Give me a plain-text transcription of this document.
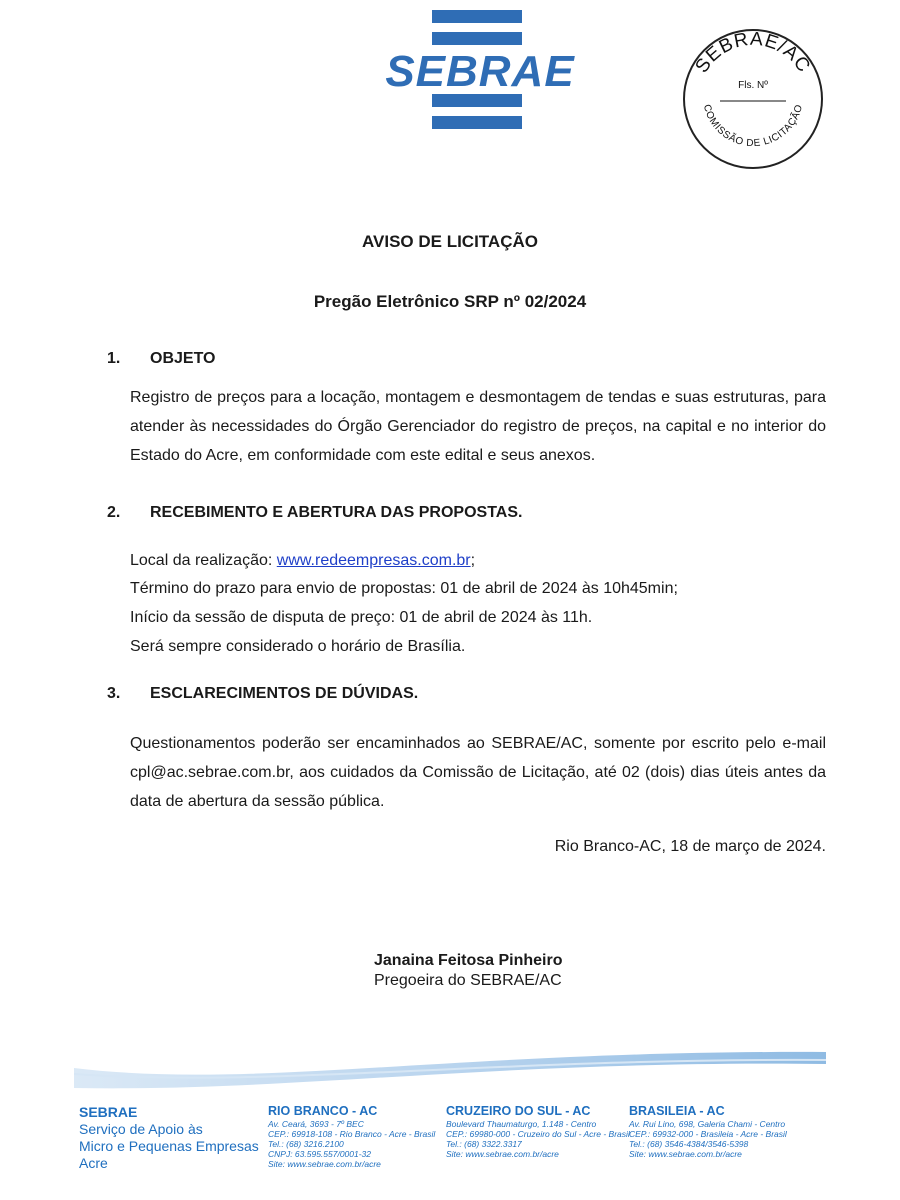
SEBRAE	SEBRAE/AC
Fls. Nº
COMISSÃO DE LICITAÇÃO
AVISO DE LICITAÇÃO
Pregão Eletrônico SRP nº 02/2024
1. OBJETO
Registro de preços para a locação, montagem e desmontagem de tendas e suas estruturas, para atender às necessidades do Órgão Gerenciador do registro de preços, na capital e no interior do Estado do Acre, em conformidade com este edital e seus anexos.
2. RECEBIMENTO E ABERTURA DAS PROPOSTAS.
Local da realização: www.redeempresas.com.br;
Término do prazo para envio de propostas: 01 de abril de 2024 às 10h45min;
Início da sessão de disputa de preço: 01 de abril de 2024 às 11h.
Será sempre considerado o horário de Brasília.
3. ESCLARECIMENTOS DE DÚVIDAS.
Questionamentos poderão ser encaminhados ao SEBRAE/AC, somente por escrito pelo e-mail cpl@ac.sebrae.com.br, aos cuidados da Comissão de Licitação, até 02 (dois) dias úteis antes da data de abertura da sessão pública.
Rio Branco-AC, 18 de março de 2024.
Janaina Feitosa Pinheiro
Pregoeira do SEBRAE/AC
SEBRAE
Serviço de Apoio às
Micro e Pequenas Empresas
Acre
RIO BRANCO - AC
Av. Ceará, 3693 - 7º BEC
CEP.: 69918-108 - Rio Branco - Acre - Brasil
Tel.: (68) 3216.2100
CNPJ: 63.595.557/0001-32
Site: www.sebrae.com.br/acre
CRUZEIRO DO SUL - AC
Boulevard Thaumaturgo, 1.148 - Centro
CEP.: 69980-000 - Cruzeiro do Sul - Acre - Brasil
Tel.: (68) 3322.3317
Site: www.sebrae.com.br/acre
BRASILEIA - AC
Av. Rui Lino, 698, Galeria Chami - Centro
CEP.: 69932-000 - Brasileia - Acre - Brasil
Tel.: (68) 3546-4384/3546-5398
Site: www.sebrae.com.br/acre
